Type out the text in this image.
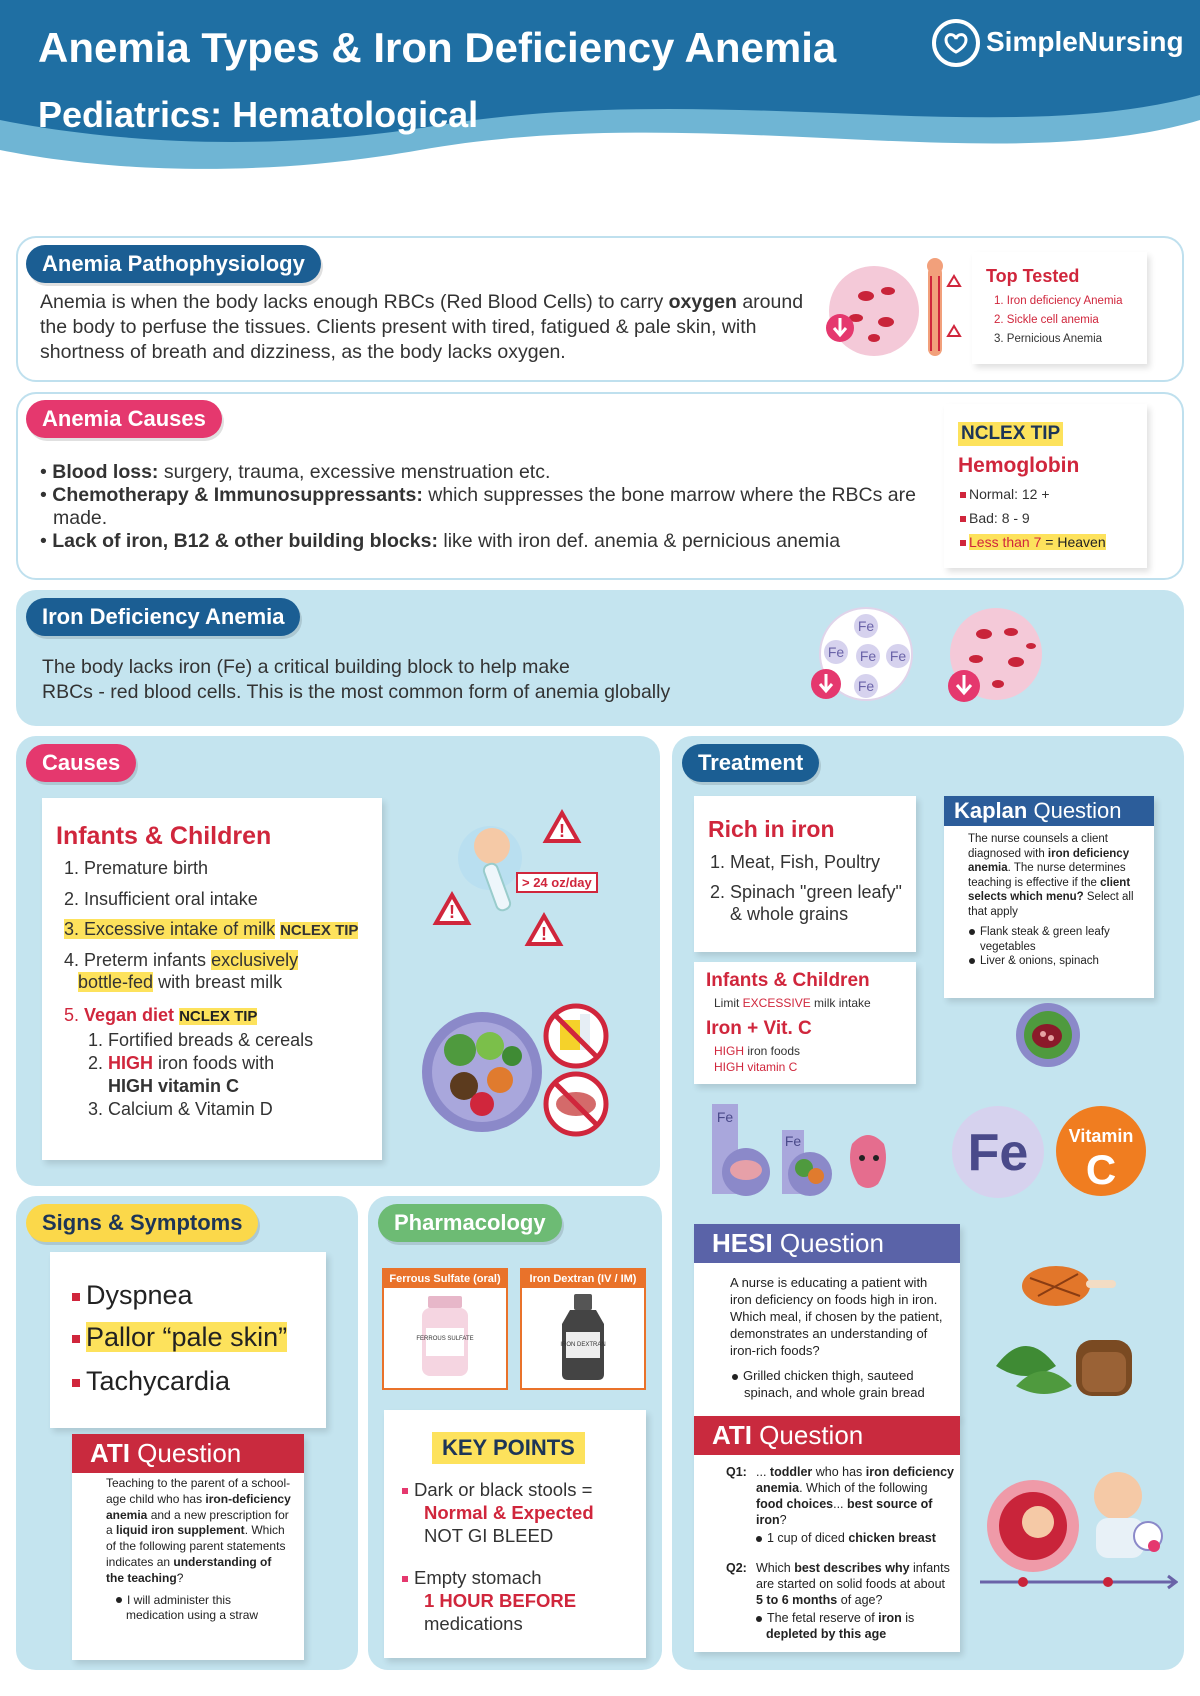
Anemia Types & Iron Deficiency Anemia
Pediatrics: Hematological
SimpleNursing
Anemia Pathophysiology
Anemia is when the body lacks enough RBCs (Red Blood Cells) to carry oxygen around the body to perfuse the tissues. Clients present with tired, fatigued & pale skin, with shortness of breath and dizziness, as the body lacks oxygen.
Top Tested
1. Iron deficiency Anemia
2. Sickle cell anemia
3. Pernicious Anemia
Anemia Causes
• Blood loss: surgery, trauma, excessive menstruation etc.
• Chemotherapy & Immunosuppressants: which suppresses the bone marrow where the RBCs are made.
• Lack of iron, B12 & other building blocks: like with iron def. anemia & pernicious anemia
NCLEX TIP
Hemoglobin
Normal: 12 +
Bad: 8 - 9
Less than 7 = Heaven
Iron Deficiency Anemia
The body lacks iron (Fe) a critical building block to help make
RBCs - red blood cells. This is the most common form of anemia globally
Fe
Fe Fe Fe
Fe
Causes
Infants & Children
1. Premature birth
2. Insufficient oral intake
3. Excessive intake of milk NCLEX TIP
4. Preterm infants exclusively
bottle-fed with breast milk
5. Vegan diet NCLEX TIP
1. Fortified breads & cereals
2. HIGH iron foods with
HIGH vitamin C
3. Calcium & Vitamin D
!
!
!
> 24 oz/day
Treatment
Rich in iron
1. Meat, Fish, Poultry
2. Spinach "green leafy"
& whole grains
Infants & Children
Limit EXCESSIVE milk intake
Iron + Vit. C
HIGH iron foods
HIGH vitamin C
Kaplan Question
The nurse counsels a client diagnosed with iron deficiency anemia. The nurse determines teaching is effective if the client selects which menu? Select all that apply
Flank steak & green leafy vegetables
Liver & onions, spinach
Fe
Fe	Fe Vitamin
C
HESI Question
A nurse is educating a patient with iron deficiency on foods high in iron. Which meal, if chosen by the patient, demonstrates an understanding of iron-rich foods?
Grilled chicken thigh, sauteed spinach, and whole grain bread
ATI Question
Q1: ... toddler who has iron deficiency anemia. Which of the following food choices... best source of iron?
1 cup of diced chicken breast
Q2: Which best describes why infants are started on solid foods at about 5 to 6 months of age?
The fetal reserve of iron is depleted by this age
Signs & Symptoms
Dyspnea
Pallor “pale skin”
Tachycardia
ATI Question
Teaching to the parent of a school-age child who has iron-deficiency anemia and a new prescription for a liquid iron supplement. Which of the following parent statements indicates an understanding of the teaching?
I will administer this medication using a straw
Pharmacology
Ferrous Sulfate (oral)
FERROUS SULFATE
Iron Dextran (IV / IM)
IRON DEXTRAN
KEY POINTS
Dark or black stools =
Normal & Expected
NOT GI BLEED
Empty stomach
1 HOUR BEFORE
medications
